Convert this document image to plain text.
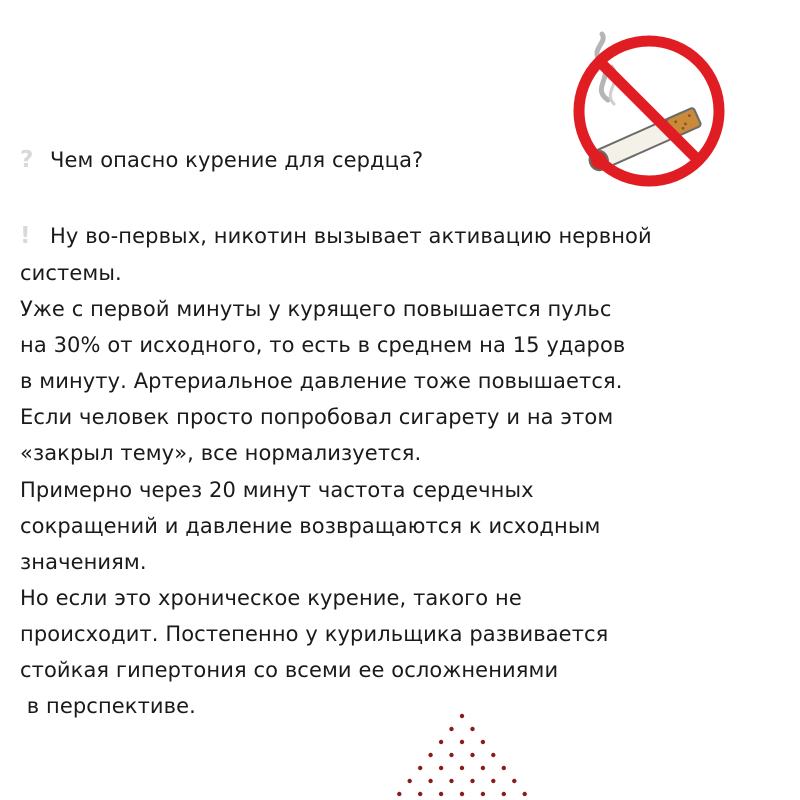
? Чем опасно курение для сердца?
! Ну во-первых, никотин вызывает активацию нервной
системы.
Уже с первой минуты у курящего повышается пульс
на 30% от исходного, то есть в среднем на 15 ударов
в минуту. Артериальное давление тоже повышается.
Если человек просто попробовал сигарету и на этом
«закрыл тему», все нормализуется.
Примерно через 20 минут частота сердечных
сокращений и давление возвращаются к исходным
значениям.
Но если это хроническое курение, такого не
происходит. Постепенно у курильщика развивается
стойкая гипертония со всеми ее осложнениями
в перспективе.
